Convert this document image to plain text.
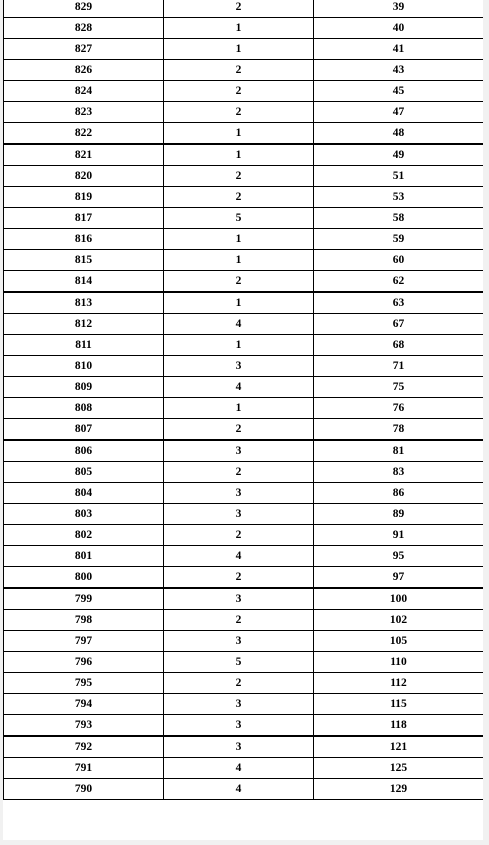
829	2	39
828	1	40
827	1	41
826	2	43
824	2	45
823	2	47
822	1	48
821	1	49
820	2	51
819	2	53
817	5	58
816	1	59
815	1	60
814	2	62
813	1	63
812	4	67
811	1	68
810	3	71
809	4	75
808	1	76
807	2	78
806	3	81
805	2	83
804	3	86
803	3	89
802	2	91
801	4	95
800	2	97
799	3	100
798	2	102
797	3	105
796	5	110
795	2	112
794	3	115
793	3	118
792	3	121
791	4	125
790	4	129
